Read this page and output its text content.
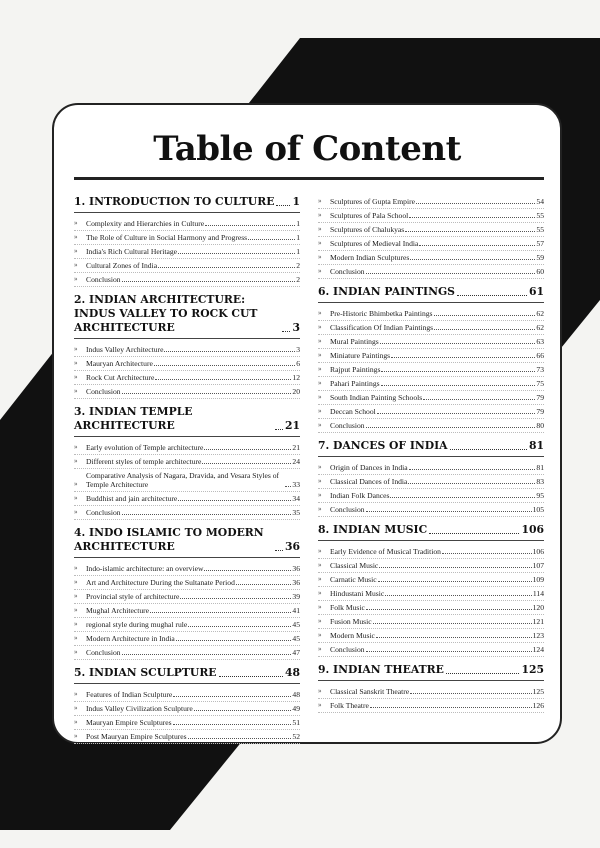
Table of Content
1. INTRODUCTION TO CULTURE 1
»	Complexity and Hierarchies in Culture	1
»	The Role of Culture in Social Harmony and Progress	1
»	India's Rich Cultural Heritage	1
»	Cultural Zones of India	2
»	Conclusion	2
2. INDIAN ARCHITECTURE: INDUS VALLEY TO ROCK CUT ARCHITECTURE	3
»	Indus Valley Architecture	3
»	Mauryan Architecture	6
»	Rock Cut Architecture	12
»	Conclusion	20
3. INDIAN TEMPLE ARCHITECTURE	21
»	Early evolution of Temple architecture	21
»	Different styles of temple architecture	24
»
Comparative Analysis of Nagara, Dravida, and Vesara Styles of Temple Architecture	33
»	Buddhist and jain architecture	34
»	Conclusion	35
4. INDO ISLAMIC TO MODERN ARCHITECTURE	36
»	Indo-islamic architecture: an overview	36
»	Art and Architecture During the Sultanate Period	36
»	Provincial style of architecture	39
»	Mughal Architecture	41
»	regional style during mughal rule	45
»	Modern Architecture in India	45
»	Conclusion	47
5. INDIAN SCULPTURE	48
»	Features of Indian Sculpture	48
»	Indus Valley Civilization Sculpture	49
»	Mauryan Empire Sculptures	51
»	Post Mauryan Empire Sculptures	52
»	Sculptures of Gupta Empire	54
»	Sculptures of Pala School	55
»	Sculptures of Chalukyas	55
»	Sculptures of Medieval India	57
»	Modern Indian Sculptures	59
»	Conclusion	60
6. INDIAN PAINTINGS	61
»	Pre-Historic Bhimbetka Paintings	62
»	Classification Of Indian Paintings	62
»	Mural Paintings	63
»	Miniature Paintings	66
»	Rajput Paintings	73
»	Pahari Paintings	75
»	South Indian Painting Schools	79
»	Deccan School	79
»	Conclusion	80
7. DANCES OF INDIA	81
»	Origin of Dances in India	81
»	Classical Dances of India	83
»	Indian Folk Dances	95
»	Conclusion	105
8. INDIAN MUSIC	106
»	Early Evidence of Musical Tradition	106
»	Classical Music	107
»	Carnatic Music	109
»	Hindustani Music	114
»	Folk Music	120
»	Fusion Music	121
»	Modern Music	123
»	Conclusion	124
9. INDIAN THEATRE	125
»	Classical Sanskrit Theatre	125
»	Folk Theatre	126
